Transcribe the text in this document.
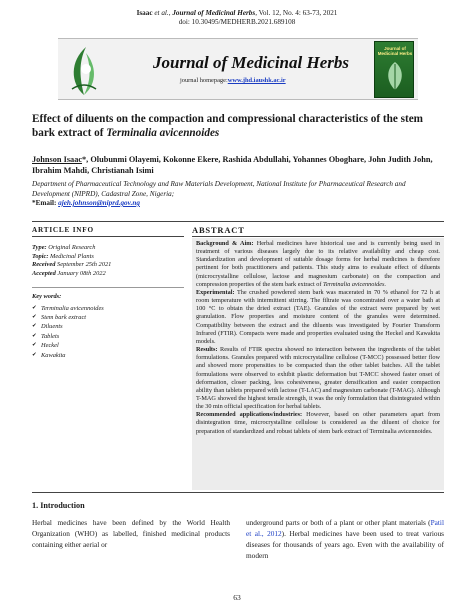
Isaac et al., Journal of Medicinal Herbs, Vol. 12, No. 4: 63-73, 2021
doi: 10.30495/MEDHERB.2021.689108
Journal of Medicinal Herbs
journal homepage:www.jhd.iaushk.ac.ir
Journal of Medicinal Herbs
Effect of diluents on the compaction and compressional characteristics of the stem bark extract of Terminalia avicennoides
Johnson Isaac*, Olubunmi Olayemi, Kokonne Ekere, Rashida Abdullahi, Yohannes Oboghare, John Judith John, Ibrahim Mahdi, Christianah Isimi
Department of Pharmaceutical Technology and Raw Materials Development, National Institute for Pharmaceutical Research and Development (NIPRD), Cadastral Zone, Nigeria;
*Email: ajeh.johnson@niprd.gov.ng
ARTICLE INFO	ABSTRACT
Type: Original Research
Topic: Medicinal Plants
Received September 25th 2021
Accepted January 08th 2022
Key words:
✔ Terminalia avicennoides
✔ Stem bark extract
✔ Diluents
✔ Tablets
✔ Heckel
✔ Kawakita

Background & Aim: Herbal medicines have historical use and is currently being used in treatment of various diseases largely due to its relative availability and cheap cost. Standardization and development of suitable dosage forms for herbal medicines is therefore pertinent for both practitioners and patients. This study aims to evaluate effect of diluents (microcrystalline cellulose, lactose and magnesium carbonate) on the compaction and compression properties of the stem bark extract of Terminalia avicennoides.

Experimental: The crushed powdered stem bark was macerated in 70 % ethanol for 72 h at room temperature with intermittent stirring. The filtrate was concentrated over a water bath at 100 °C to obtain the dried extract (TAE). Granules of the extract were prepared by wet granulation. Flow properties and moisture content of the granules were determined. Compatibility between the extract and the diluents was investigated by Fourier Transform Infrared (FTIR). Compacts were made and properties evaluated using the Heckel and Kawakita models.

Results: Results of FTIR spectra showed no interaction between the ingredients of the tablet formulations. Granules prepared with microcrystalline cellulose (T-MCC) possessed better flow and showed more propensities to be compacted than the other tablet batches. All the tablet formulations were observed to exhibit plastic deformation but T-MCC showed faster onset of deformation, closer packing, less cohesiveness, greater densification and easier compaction ability than tablets prepared with lactose (T-LAC) and magnesium carbonate (T-MAG). Although T-MAG showed the highest tensile strength, it was the only formulation that disintegrated within the 30 min official specification for herbal tablets.

Recommended applications/industries: However, based on other parameters apart from disintegration time, microcrystalline cellulose is considered as the diluent of choice for preparation of standardized and robust tablets of stem bark extract of Terminalia avicennoides.

1. Introduction
Herbal medicines have been defined by the World Health Organization (WHO) as labelled, finished medicinal products containing either aerial or
underground parts or both of a plant or other plant materials (Patil et al., 2012). Herbal medicines have been used to treat various diseases for thousands of years ago. Even with the availability of modern
63
